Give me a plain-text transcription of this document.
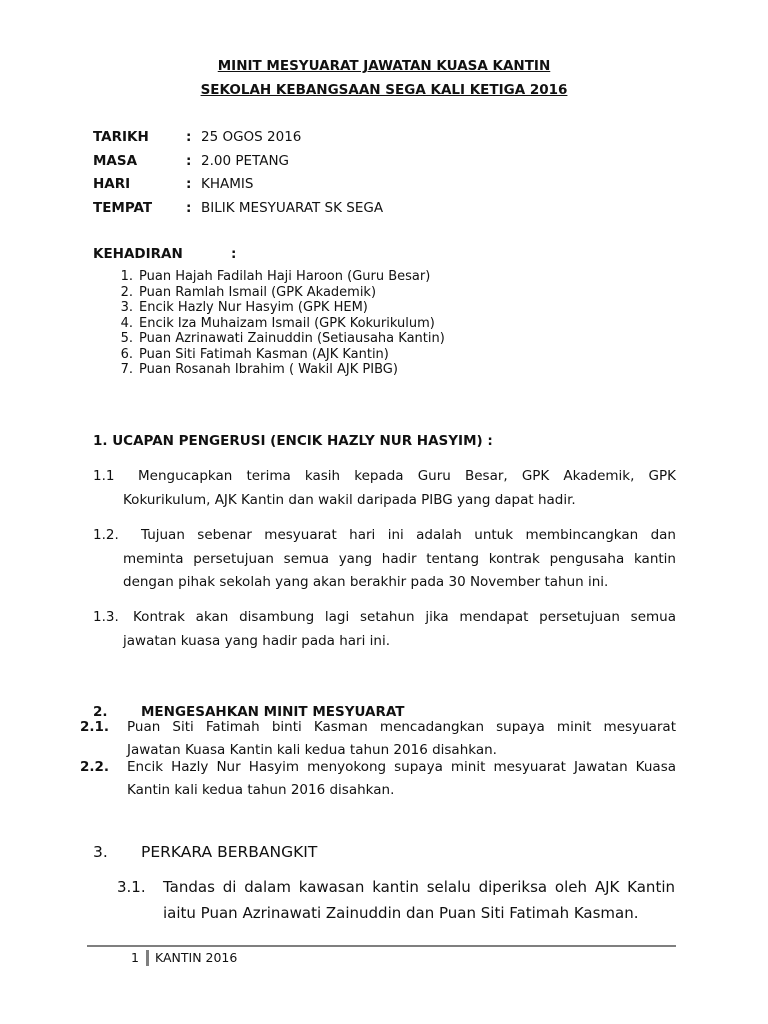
MINIT MESYUARAT JAWATAN KUASA KANTIN
SEKOLAH KEBANGSAAN SEGA KALI KETIGA 2016
TARIKH	: 25 OGOS 2016
MASA	: 2.00 PETANG
HARI	: KHAMIS
TEMPAT	: BILIK MESYUARAT SK SEGA
KEHADIRAN	:
1. Puan Hajah Fadilah Haji Haroon (Guru Besar)
2. Puan Ramlah Ismail (GPK Akademik)
3. Encik Hazly Nur Hasyim (GPK HEM)
4. Encik Iza Muhaizam Ismail (GPK Kokurikulum)
5. Puan Azrinawati Zainuddin (Setiausaha Kantin)
6. Puan Siti Fatimah Kasman (AJK Kantin)
7. Puan Rosanah Ibrahim ( Wakil AJK PIBG)
1. UCAPAN PENGERUSI (ENCIK HAZLY NUR HASYIM) :
1.1 Mengucapkan terima kasih kepada Guru Besar, GPK Akademik, GPK
Kokurikulum, AJK Kantin dan wakil daripada PIBG yang dapat hadir.
1.2. Tujuan sebenar mesyuarat hari ini adalah untuk membincangkan dan
meminta persetujuan semua yang hadir tentang kontrak pengusaha kantin
dengan pihak sekolah yang akan berakhir pada 30 November tahun ini.
1.3. Kontrak akan disambung lagi setahun jika mendapat persetujuan semua
jawatan kuasa yang hadir pada hari ini.
2. MENGESAHKAN MINIT MESYUARAT
2.1. Puan Siti Fatimah binti Kasman mencadangkan supaya minit mesyuarat
Jawatan Kuasa Kantin kali kedua tahun 2016 disahkan.
2.2. Encik Hazly Nur Hasyim menyokong supaya minit mesyuarat Jawatan Kuasa
Kantin kali kedua tahun 2016 disahkan.
3. PERKARA BERBANGKIT
3.1. Tandas di dalam kawasan kantin selalu diperiksa oleh AJK Kantin
iaitu Puan Azrinawati Zainuddin dan Puan Siti Fatimah Kasman.
1 KANTIN 2016
